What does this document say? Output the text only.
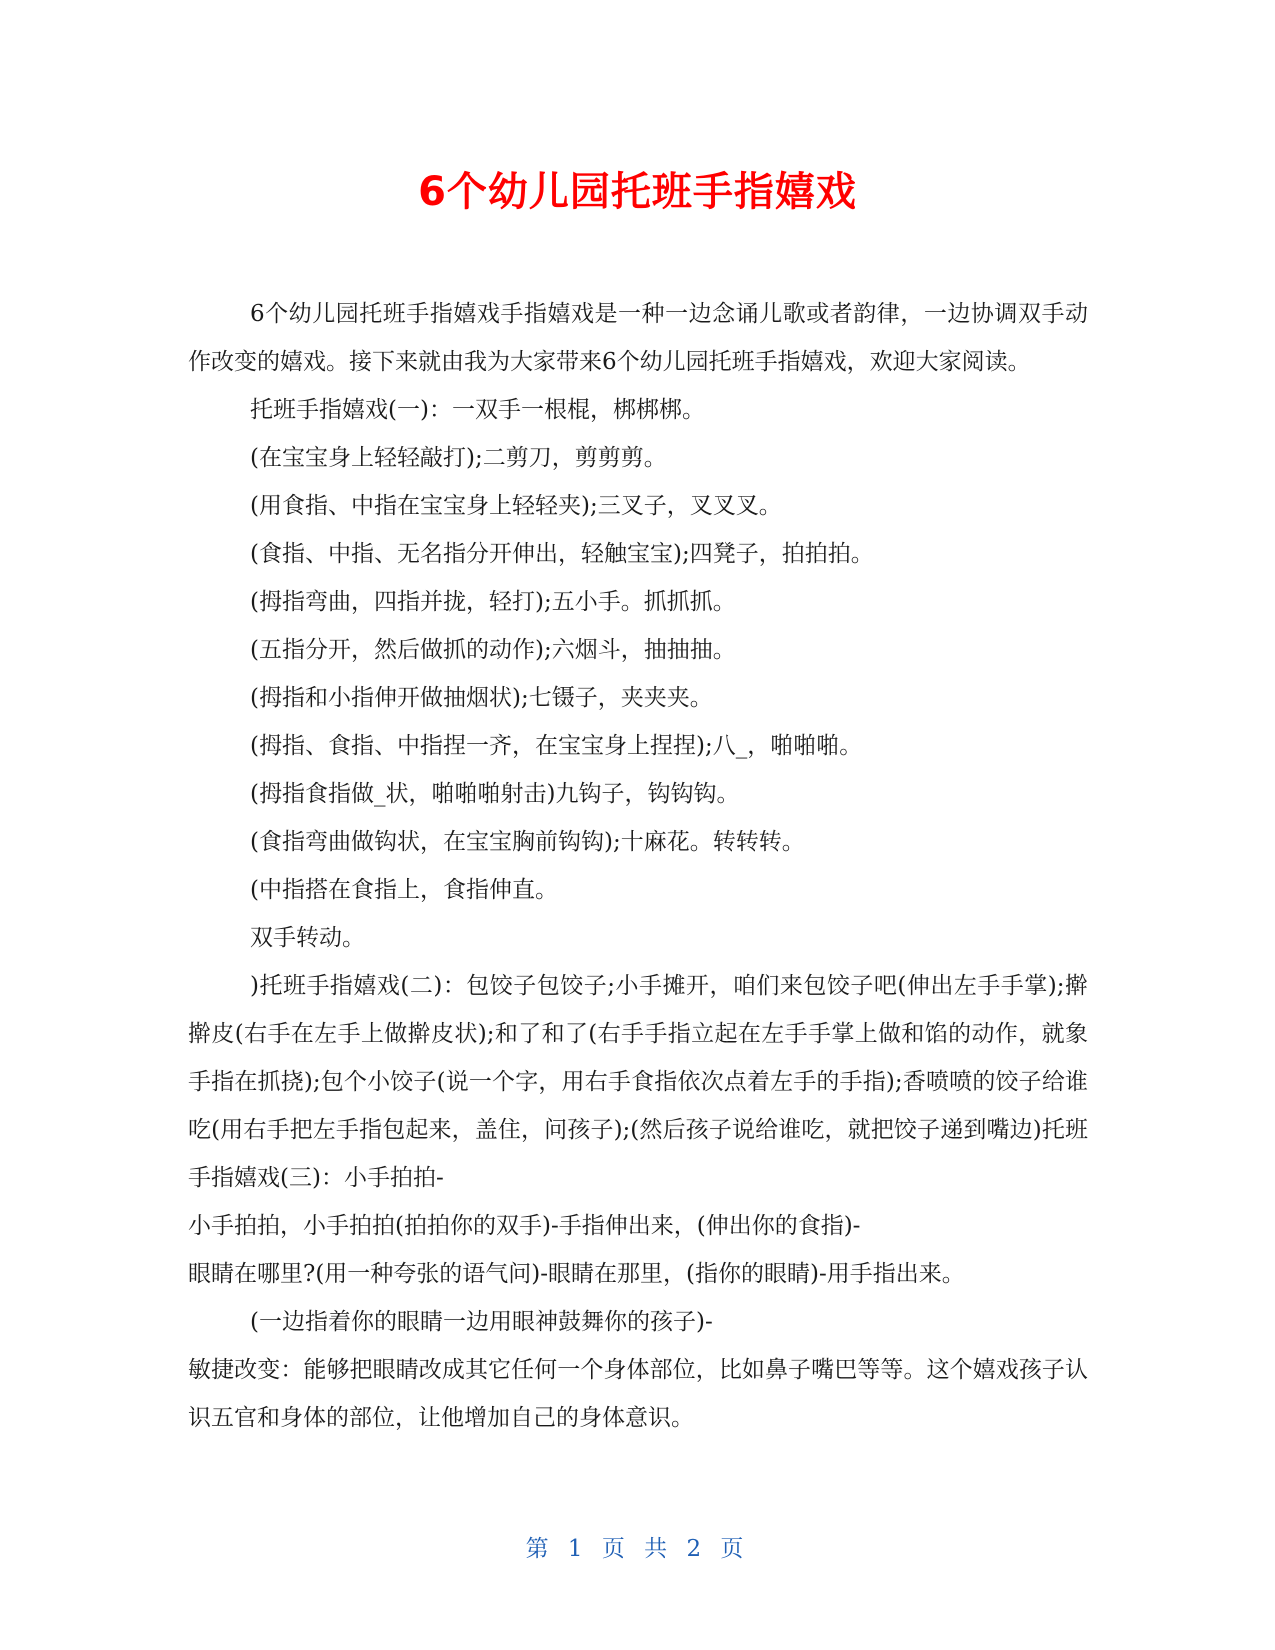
6个幼儿园托班手指嬉戏

6个幼儿园托班手指嬉戏手指嬉戏是一种一边念诵儿歌或者韵律，一边协调双手动作改变的嬉戏。接下来就由我为大家带来6个幼儿园托班手指嬉戏，欢迎大家阅读。

托班手指嬉戏(一)：一双手一根棍，梆梆梆。

(在宝宝身上轻轻敲打);二剪刀，剪剪剪。

(用食指、中指在宝宝身上轻轻夹);三叉子，叉叉叉。

(食指、中指、无名指分开伸出，轻触宝宝);四凳子，拍拍拍。

(拇指弯曲，四指并拢，轻打);五小手。抓抓抓。

(五指分开，然后做抓的动作);六烟斗，抽抽抽。

(拇指和小指伸开做抽烟状);七镊子，夹夹夹。

(拇指、食指、中指捏一齐，在宝宝身上捏捏);八_，啪啪啪。

(拇指食指做_状，啪啪啪射击)九钩子，钩钩钩。

(食指弯曲做钩状，在宝宝胸前钩钩);十麻花。转转转。

(中指搭在食指上，食指伸直。

双手转动。

)托班手指嬉戏(二)：包饺子包饺子;小手摊开，咱们来包饺子吧(伸出左手手掌);擀擀皮(右手在左手上做擀皮状);和了和了(右手手指立起在左手手掌上做和馅的动作，就象手指在抓挠);包个小饺子(说一个字，用右手食指依次点着左手的手指);香喷喷的饺子给谁吃(用右手把左手指包起来，盖住，问孩子);(然后孩子说给谁吃，就把饺子递到嘴边)托班手指嬉戏(三)：小手拍拍-

小手拍拍，小手拍拍(拍拍你的双手)-手指伸出来，(伸出你的食指)-

眼睛在哪里?(用一种夸张的语气问)-眼睛在那里，(指你的眼睛)-用手指出来。

(一边指着你的眼睛一边用眼神鼓舞你的孩子)-

敏捷改变：能够把眼睛改成其它任何一个身体部位，比如鼻子嘴巴等等。这个嬉戏孩子认识五官和身体的部位，让他增加自己的身体意识。

第 1 页 共 2 页
